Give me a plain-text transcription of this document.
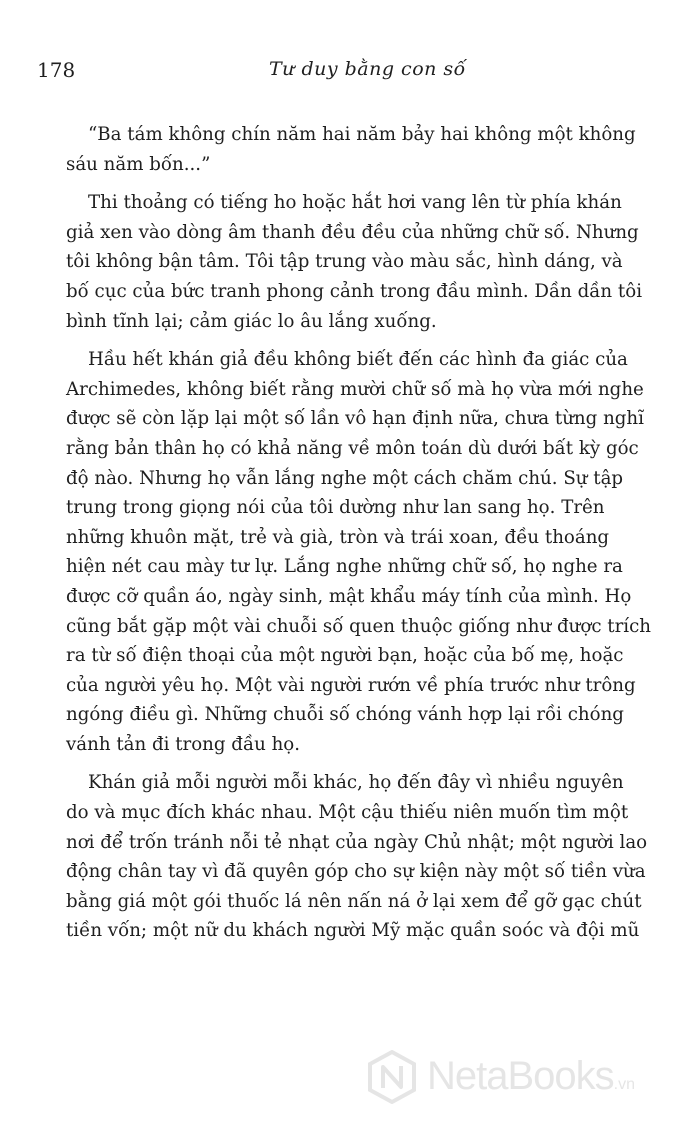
178	Tư duy bằng con số
“Ba tám không chín năm hai năm bảy hai không một không
sáu năm bốn...”
Thi thoảng có tiếng ho hoặc hắt hơi vang lên từ phía khán
giả xen vào dòng âm thanh đều đều của những chữ số. Nhưng
tôi không bận tâm. Tôi tập trung vào màu sắc, hình dáng, và
bố cục của bức tranh phong cảnh trong đầu mình. Dần dần tôi
bình tĩnh lại; cảm giác lo âu lắng xuống.
Hầu hết khán giả đều không biết đến các hình đa giác của
Archimedes, không biết rằng mười chữ số mà họ vừa mới nghe
được sẽ còn lặp lại một số lần vô hạn định nữa, chưa từng nghĩ
rằng bản thân họ có khả năng về môn toán dù dưới bất kỳ góc
độ nào. Nhưng họ vẫn lắng nghe một cách chăm chú. Sự tập
trung trong giọng nói của tôi dường như lan sang họ. Trên
những khuôn mặt, trẻ và già, tròn và trái xoan, đều thoáng
hiện nét cau mày tư lự. Lắng nghe những chữ số, họ nghe ra
được cỡ quần áo, ngày sinh, mật khẩu máy tính của mình. Họ
cũng bắt gặp một vài chuỗi số quen thuộc giống như được trích
ra từ số điện thoại của một người bạn, hoặc của bố mẹ, hoặc
của người yêu họ. Một vài người rướn về phía trước như trông
ngóng điều gì. Những chuỗi số chóng vánh hợp lại rồi chóng
vánh tản đi trong đầu họ.
Khán giả mỗi người mỗi khác, họ đến đây vì nhiều nguyên
do và mục đích khác nhau. Một cậu thiếu niên muốn tìm một
nơi để trốn tránh nỗi tẻ nhạt của ngày Chủ nhật; một người lao
động chân tay vì đã quyên góp cho sự kiện này một số tiền vừa
bằng giá một gói thuốc lá nên nấn ná ở lại xem để gỡ gạc chút
tiền vốn; một nữ du khách người Mỹ mặc quần soóc và đội mũ
NetaBooks.vn
